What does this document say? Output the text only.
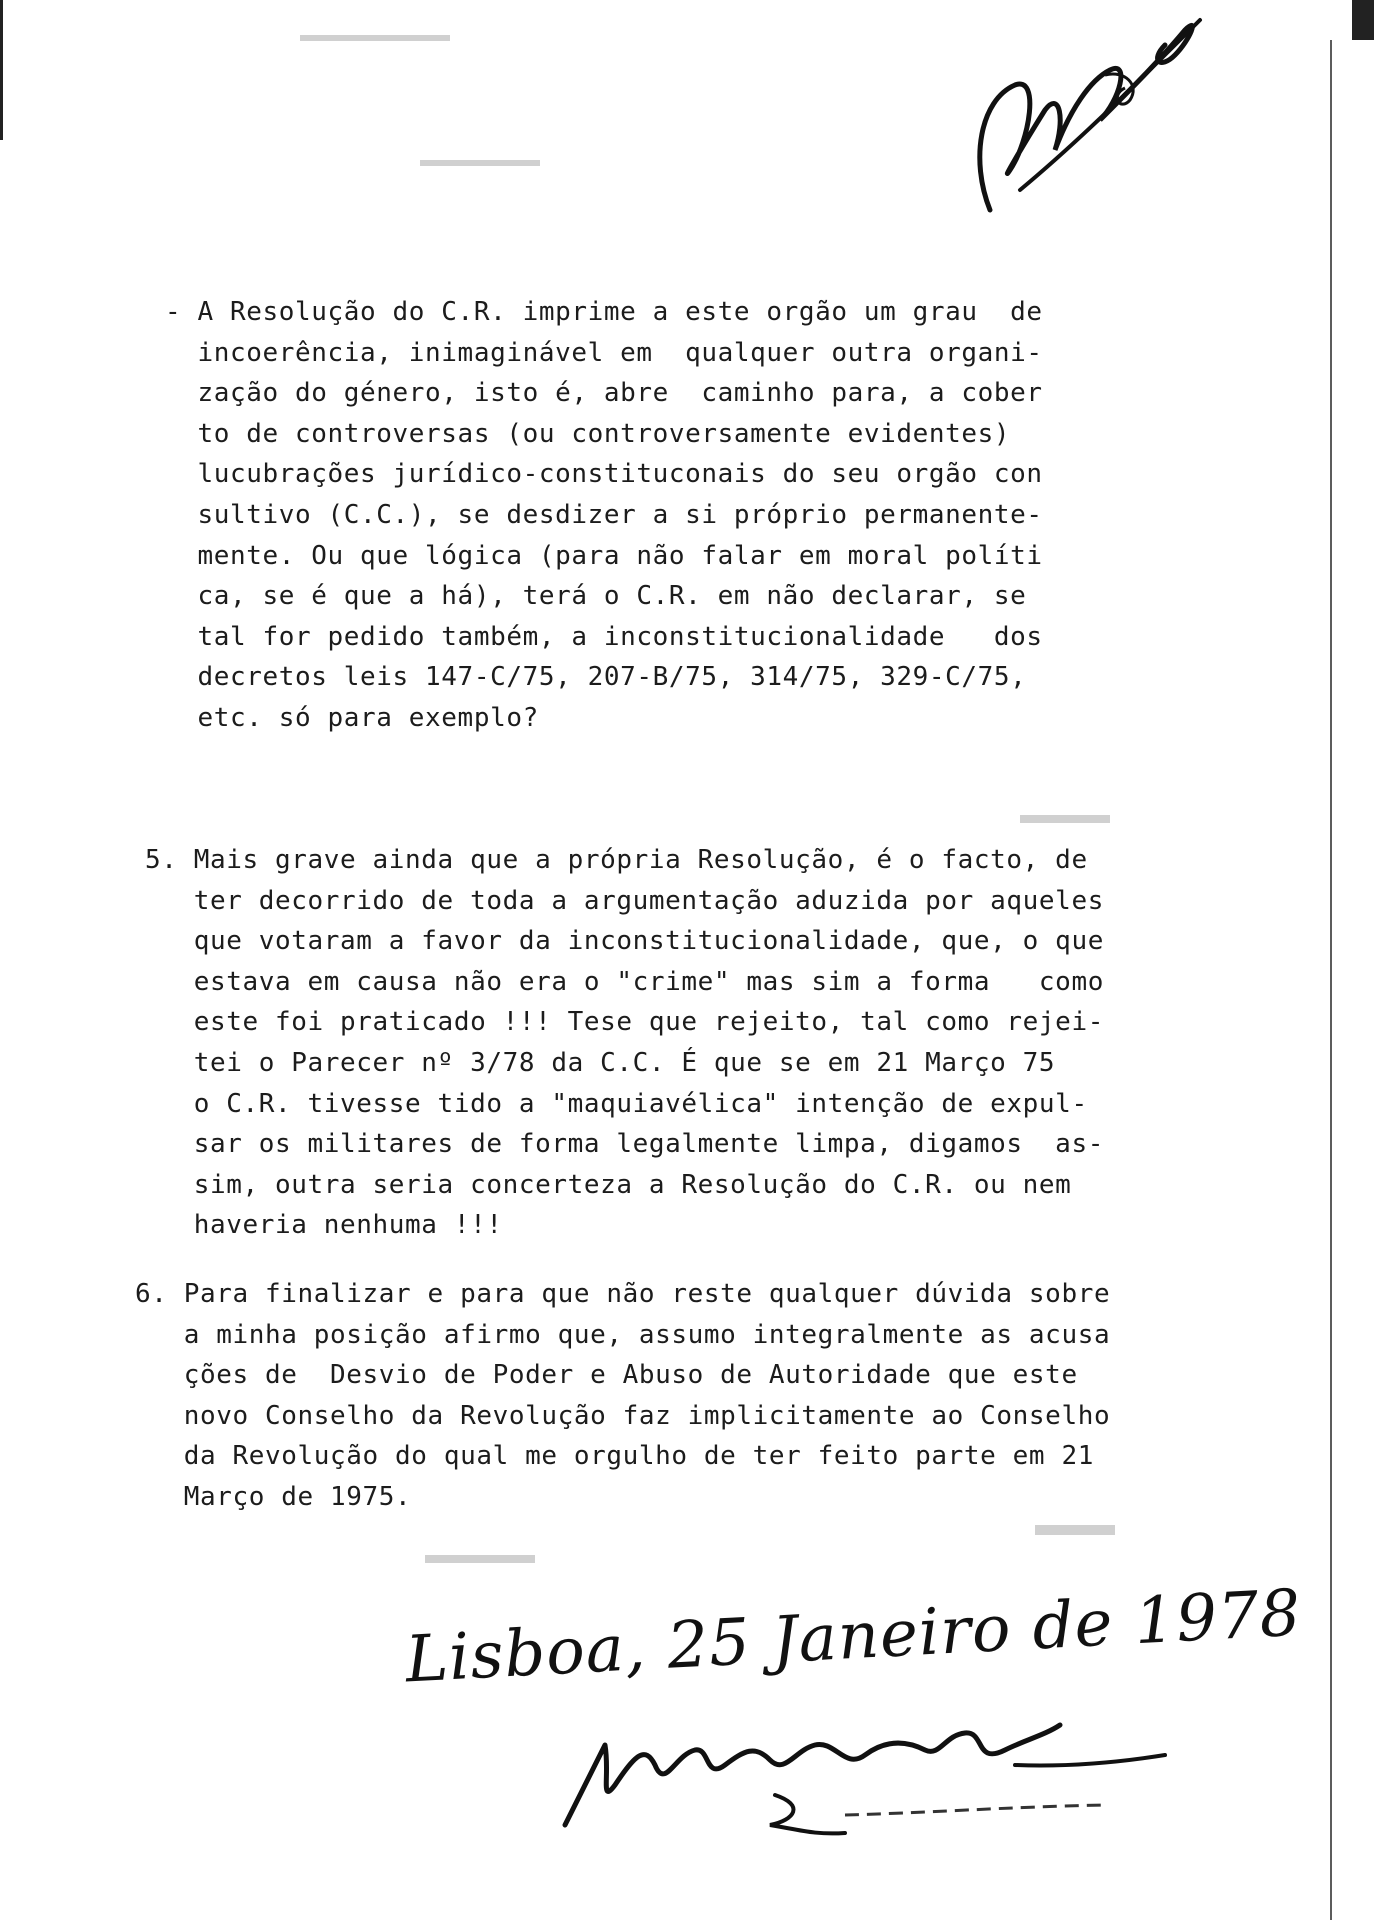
- A Resolução do C.R. imprime a este orgão um grau  de
incoerência, inimaginável em  qualquer outra organi-
zação do género, isto é, abre  caminho para, a cober
to de controversas (ou controversamente evidentes)
lucubrações jurídico-constituconais do seu orgão con
sultivo (C.C.), se desdizer a si próprio permanente-
mente. Ou que lógica (para não falar em moral políti
ca, se é que a há), terá o C.R. em não declarar, se
tal for pedido também, a inconstitucionalidade   dos
decretos leis 147-C/75, 207-B/75, 314/75, 329-C/75,
etc. só para exemplo?
5. Mais grave ainda que a própria Resolução, é o facto, de
ter decorrido de toda a argumentação aduzida por aqueles
que votaram a favor da inconstitucionalidade, que, o que
estava em causa não era o "crime" mas sim a forma   como
este foi praticado !!! Tese que rejeito, tal como rejei-
tei o Parecer nº 3/78 da C.C. É que se em 21 Março 75
o C.R. tivesse tido a "maquiavélica" intenção de expul-
sar os militares de forma legalmente limpa, digamos  as-
sim, outra seria concerteza a Resolução do C.R. ou nem
haveria nenhuma !!!
6. Para finalizar e para que não reste qualquer dúvida sobre
a minha posição afirmo que, assumo integralmente as acusa
ções de  Desvio de Poder e Abuso de Autoridade que este
novo Conselho da Revolução faz implicitamente ao Conselho
da Revolução do qual me orgulho de ter feito parte em 21
Março de 1975.
Lisboa, 25 Janeiro de 1978
